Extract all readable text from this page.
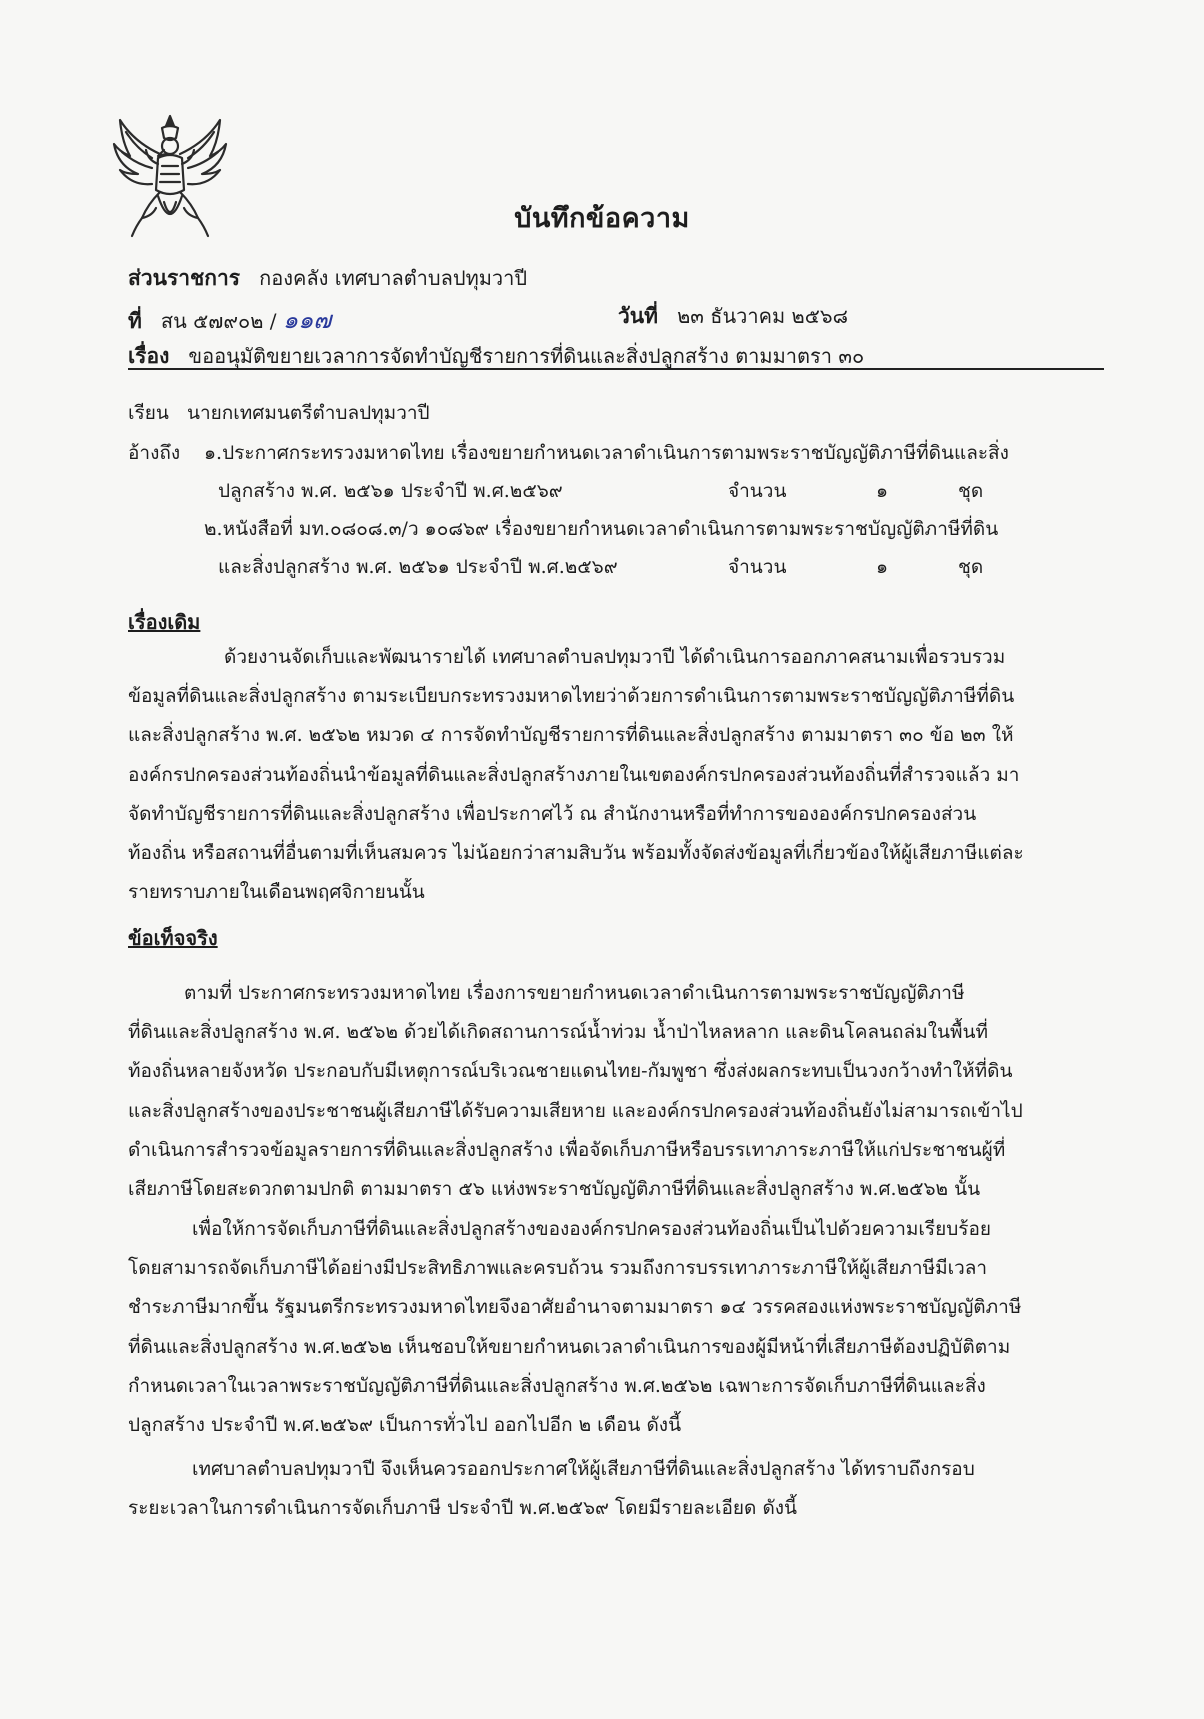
บันทึกข้อความ
ส่วนราชการ กองคลัง เทศบาลตำบลปทุมวาปี
ที่ สน ๕๗๙๐๒ / ๑๑๗	วันที่ ๒๓ ธันวาคม ๒๕๖๘
เรื่อง ขออนุมัติขยายเวลาการจัดทำบัญชีรายการที่ดินและสิ่งปลูกสร้าง ตามมาตรา ๓๐
เรียน นายกเทศมนตรีตำบลปทุมวาปี
อ้างถึง ๑.ประกาศกระทรวงมหาดไทย เรื่องขยายกำหนดเวลาดำเนินการตามพระราชบัญญัติภาษีที่ดินและสิ่ง
ปลูกสร้าง พ.ศ. ๒๕๖๑ ประจำปี พ.ศ.๒๕๖๙	จำนวน	๑	ชุด
๒.หนังสือที่ มท.๐๘๐๘.๓/ว ๑๐๘๖๙ เรื่องขยายกำหนดเวลาดำเนินการตามพระราชบัญญัติภาษีที่ดิน
และสิ่งปลูกสร้าง พ.ศ. ๒๕๖๑ ประจำปี พ.ศ.๒๕๖๙	จำนวน	๑	ชุด
เรื่องเดิม
ด้วยงานจัดเก็บและพัฒนารายได้ เทศบาลตำบลปทุมวาปี ได้ดำเนินการออกภาคสนามเพื่อรวบรวม
ข้อมูลที่ดินและสิ่งปลูกสร้าง ตามระเบียบกระทรวงมหาดไทยว่าด้วยการดำเนินการตามพระราชบัญญัติภาษีที่ดิน
และสิ่งปลูกสร้าง พ.ศ. ๒๕๖๒ หมวด ๔ การจัดทำบัญชีรายการที่ดินและสิ่งปลูกสร้าง ตามมาตรา ๓๐ ข้อ ๒๓ ให้
องค์กรปกครองส่วนท้องถิ่นนำข้อมูลที่ดินและสิ่งปลูกสร้างภายในเขตองค์กรปกครองส่วนท้องถิ่นที่สำรวจแล้ว มา
จัดทำบัญชีรายการที่ดินและสิ่งปลูกสร้าง เพื่อประกาศไว้ ณ สำนักงานหรือที่ทำการขององค์กรปกครองส่วน
ท้องถิ่น หรือสถานที่อื่นตามที่เห็นสมควร ไม่น้อยกว่าสามสิบวัน พร้อมทั้งจัดส่งข้อมูลที่เกี่ยวข้องให้ผู้เสียภาษีแต่ละ
รายทราบภายในเดือนพฤศจิกายนนั้น
ข้อเท็จจริง
ตามที่ ประกาศกระทรวงมหาดไทย เรื่องการขยายกำหนดเวลาดำเนินการตามพระราชบัญญัติภาษี
ที่ดินและสิ่งปลูกสร้าง พ.ศ. ๒๕๖๒ ด้วยได้เกิดสถานการณ์น้ำท่วม น้ำป่าไหลหลาก และดินโคลนถล่มในพื้นที่
ท้องถิ่นหลายจังหวัด ประกอบกับมีเหตุการณ์บริเวณชายแดนไทย-กัมพูชา ซึ่งส่งผลกระทบเป็นวงกว้างทำให้ที่ดิน
และสิ่งปลูกสร้างของประชาชนผู้เสียภาษีได้รับความเสียหาย และองค์กรปกครองส่วนท้องถิ่นยังไม่สามารถเข้าไป
ดำเนินการสำรวจข้อมูลรายการที่ดินและสิ่งปลูกสร้าง เพื่อจัดเก็บภาษีหรือบรรเทาภาระภาษีให้แก่ประชาชนผู้ที่
เสียภาษีโดยสะดวกตามปกติ ตามมาตรา ๕๖ แห่งพระราชบัญญัติภาษีที่ดินและสิ่งปลูกสร้าง พ.ศ.๒๕๖๒ นั้น
เพื่อให้การจัดเก็บภาษีที่ดินและสิ่งปลูกสร้างขององค์กรปกครองส่วนท้องถิ่นเป็นไปด้วยความเรียบร้อย
โดยสามารถจัดเก็บภาษีได้อย่างมีประสิทธิภาพและครบถ้วน รวมถึงการบรรเทาภาระภาษีให้ผู้เสียภาษีมีเวลา
ชำระภาษีมากขึ้น รัฐมนตรีกระทรวงมหาดไทยจึงอาศัยอำนาจตามมาตรา ๑๔ วรรคสองแห่งพระราชบัญญัติภาษี
ที่ดินและสิ่งปลูกสร้าง พ.ศ.๒๕๖๒ เห็นชอบให้ขยายกำหนดเวลาดำเนินการของผู้มีหน้าที่เสียภาษีต้องปฏิบัติตาม
กำหนดเวลาในเวลาพระราชบัญญัติภาษีที่ดินและสิ่งปลูกสร้าง พ.ศ.๒๕๖๒ เฉพาะการจัดเก็บภาษีที่ดินและสิ่ง
ปลูกสร้าง ประจำปี พ.ศ.๒๕๖๙ เป็นการทั่วไป ออกไปอีก ๒ เดือน ดังนี้
เทศบาลตำบลปทุมวาปี จึงเห็นควรออกประกาศให้ผู้เสียภาษีที่ดินและสิ่งปลูกสร้าง ได้ทราบถึงกรอบ
ระยะเวลาในการดำเนินการจัดเก็บภาษี ประจำปี พ.ศ.๒๕๖๙ โดยมีรายละเอียด ดังนี้
